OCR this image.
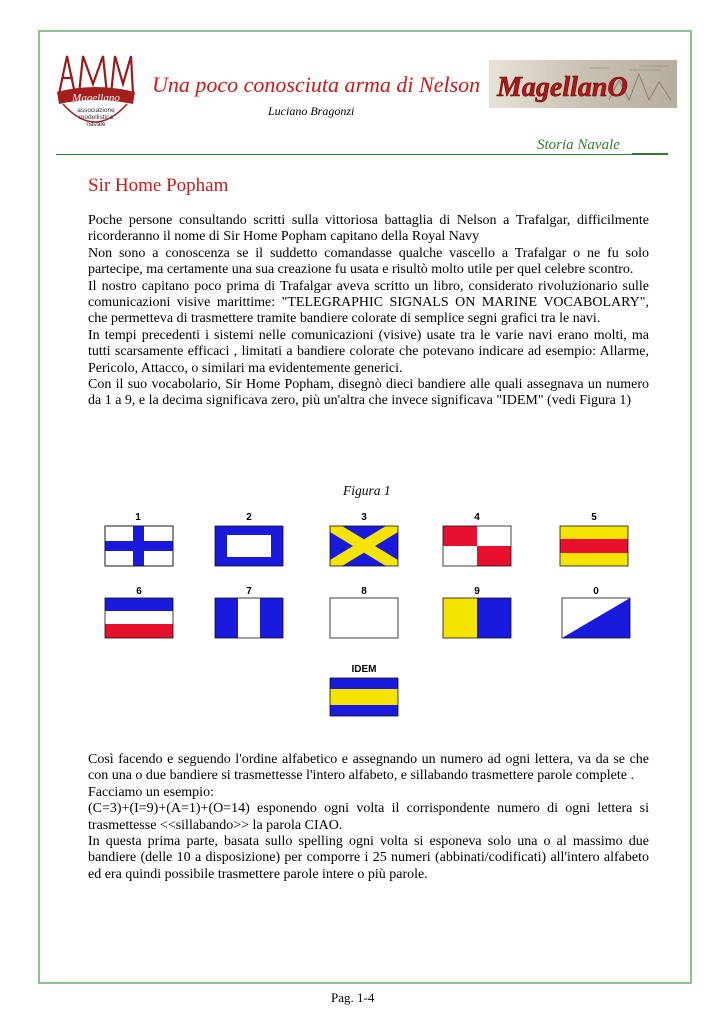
Magellano
associazione
modellistica
navale
Una poco conosciuta arma di Nelson
Luciano Bragonzi
MagellanO
Storia Navale
Sir Home Popham

Poche persone consultando scritti sulla vittoriosa battaglia di Nelson a Trafalgar, difficilmente ricorderanno il nome di Sir Home Popham capitano della Royal Navy

Non sono a conoscenza se il suddetto comandasse qualche vascello a Trafalgar o ne fu solo partecipe, ma certamente una sua creazione fu usata e risultò molto utile per quel celebre scontro.

Il nostro capitano poco prima di Trafalgar aveva scritto un libro, considerato rivoluzionario sulle comunicazioni visive marittime: "TELEGRAPHIC SIGNALS ON MARINE VOCABOLARY", che permetteva di trasmettere tramite bandiere colorate di semplice segni grafici tra le navi.

In tempi precedenti i sistemi nelle comunicazioni (visive) usate tra le varie navi erano molti, ma tutti scarsamente efficaci , limitati a bandiere colorate che potevano indicare ad esempio: Allarme, Pericolo, Attacco, o similari ma evidentemente generici.

Con il suo vocabolario, Sir Home Popham, disegnò dieci bandiere alle quali assegnava un numero da 1 a 9, e la decima significava zero, più un'altra che invece significava "IDEM" (vedi Figura 1)

Figura 1
1	2	3	4	5
6	7	8	9	0
IDEM

Così facendo e seguendo l'ordine alfabetico e assegnando un numero ad ogni lettera, va da se che con una o due bandiere si trasmettesse l'intero alfabeto, e sillabando trasmettere parole complete .

Facciamo un esempio:

(C=3)+(I=9)+(A=1)+(O=14) esponendo ogni volta il corrispondente numero di ogni lettera si trasmettesse <<sillabando>> la parola CIAO.

In questa prima parte, basata sullo spelling ogni volta si esponeva solo una o al massimo due bandiere (delle 10 a disposizione) per comporre i 25 numeri (abbinati/codificati) all'intero alfabeto ed era quindi possibile trasmettere parole intere o più parole.

Pag. 1-4
